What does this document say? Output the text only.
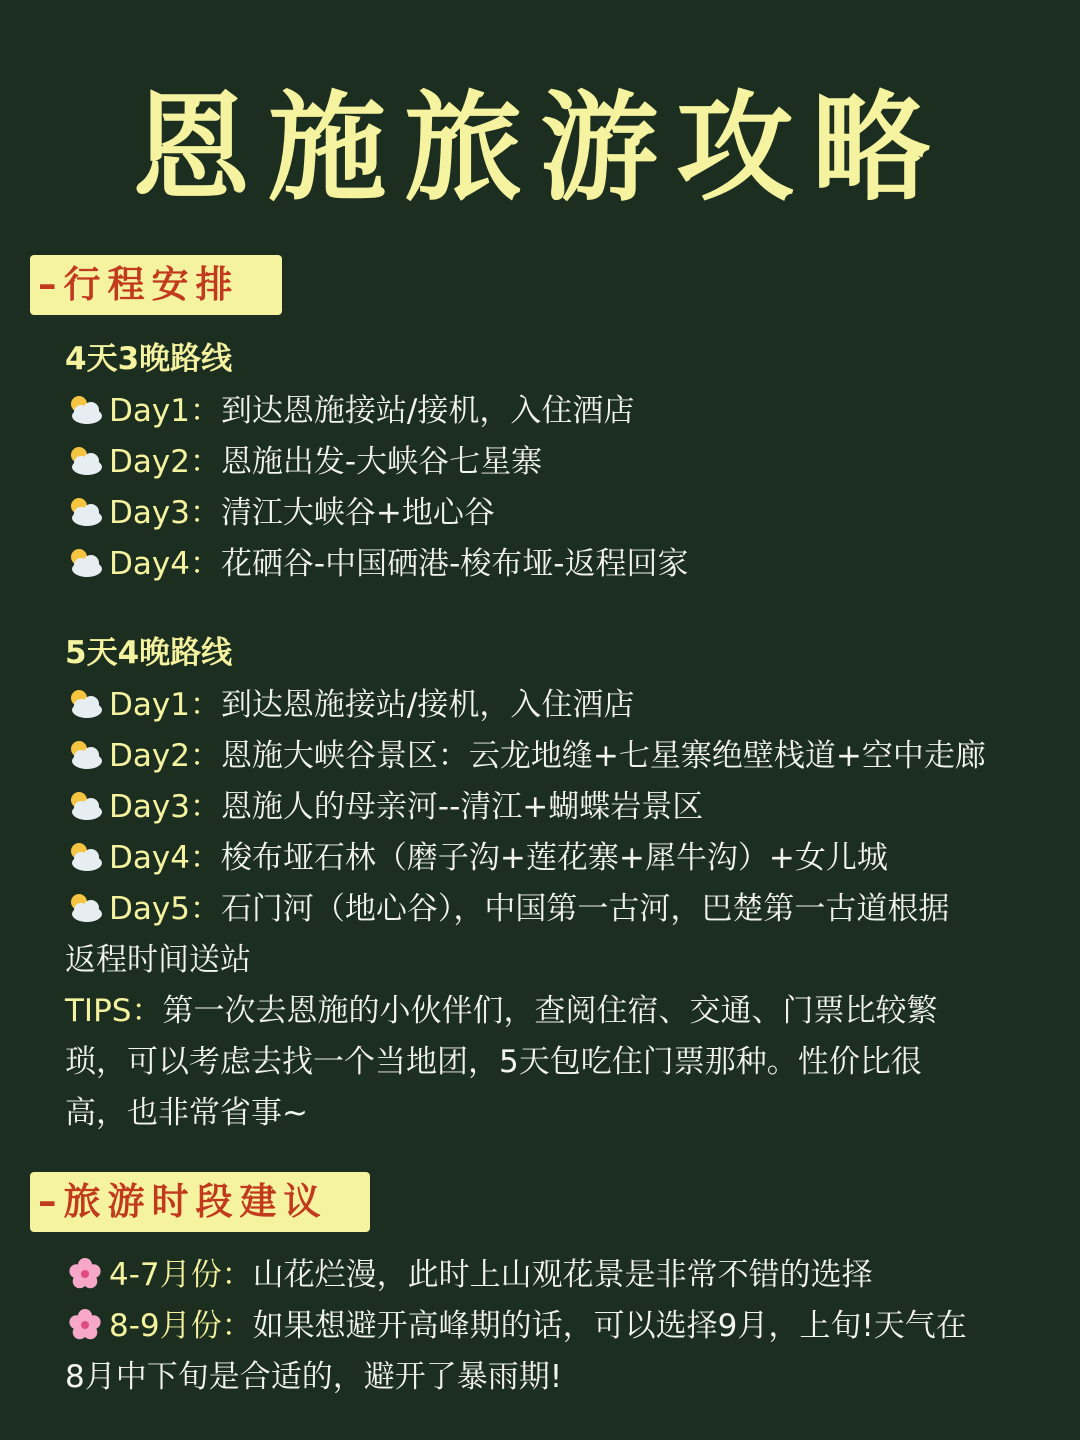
恩施旅游攻略
–行程安排
4天3晚路线
Day1：到达恩施接站/接机，入住酒店
Day2：恩施出发-大峡谷七星寨
Day3：清江大峡谷+地心谷
Day4：花硒谷-中国硒港-梭布垭-返程回家
5天4晚路线
Day1：到达恩施接站/接机，入住酒店
Day2：恩施大峡谷景区：云龙地缝+七星寨绝壁栈道+空中走廊
Day3：恩施人的母亲河--清江+蝴蝶岩景区
Day4：梭布垭石林（磨子沟+莲花寨+犀牛沟）+女儿城
Day5：石门河（地心谷），中国第一古河，巴楚第一古道根据
返程时间送站
TIPS：第一次去恩施的小伙伴们，查阅住宿、交通、门票比较繁
琐，可以考虑去找一个当地团，5天包吃住门票那种。性价比很
高，也非常省事~
–旅游时段建议
4-7月份：山花烂漫，此时上山观花景是非常不错的选择
8-9月份：如果想避开高峰期的话，可以选择9月，上旬!天气在
8月中下旬是合适的，避开了暴雨期!
